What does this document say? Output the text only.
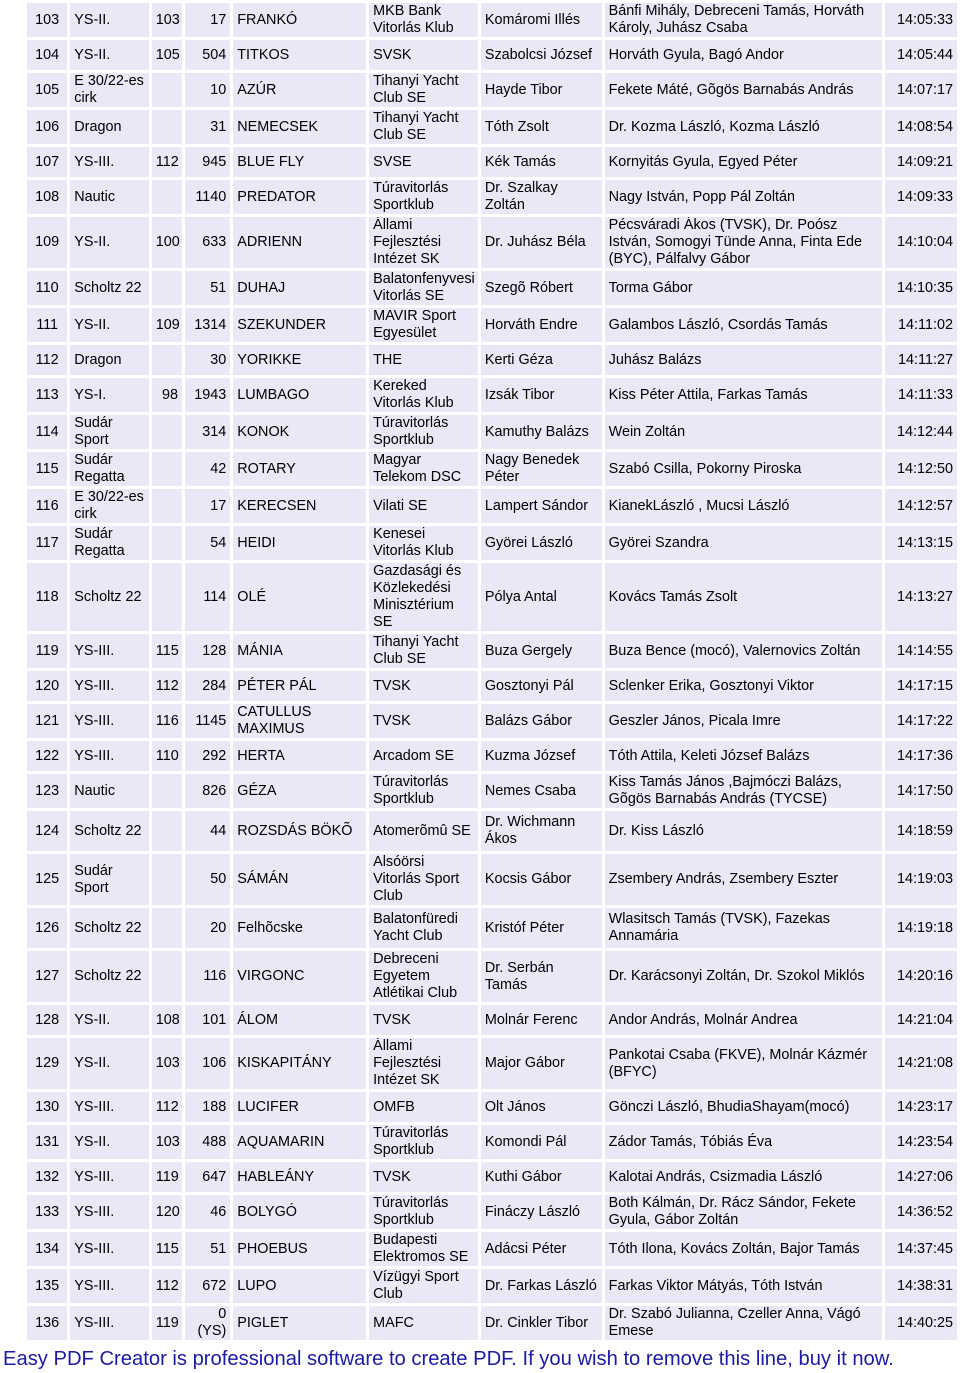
103	YS-II.	103	17	FRANKÓ	MKB Bank Vitorlás Klub	Komáromi Illés	Bánfi Mihály, Debreceni Tamás, Horváth Károly, Juhász Csaba	14:05:33
104	YS-II.	105	504	TITKOS	SVSK	Szabolcsi József	Horváth Gyula, Bagó Andor	14:05:44
105	E 30/22-es cirk		10	AZÚR	Tihanyi Yacht Club SE	Hayde Tibor	Fekete Máté, Gõgös Barnabás András	14:07:17
106	Dragon		31	NEMECSEK	Tihanyi Yacht Club SE	Tóth Zsolt	Dr. Kozma László, Kozma László	14:08:54
107	YS-III.	112	945	BLUE FLY	SVSE	Kék Tamás	Kornyitás Gyula, Egyed Péter	14:09:21
108	Nautic		1140	PREDATOR	Túravitorlás Sportklub	Dr. Szalkay Zoltán	Nagy István, Popp Pál Zoltán	14:09:33
109	YS-II.	100	633	ADRIENN	Állami Fejlesztési Intézet SK	Dr. Juhász Béla	Pécsváradi Ákos (TVSK), Dr. Poósz István, Somogyi Tünde Anna, Finta Ede (BYC), Pálfalvy Gábor	14:10:04
110	Scholtz 22		51	DUHAJ	Balatonfenyvesi Vitorlás SE	Szegõ Róbert	Torma Gábor	14:10:35
111	YS-II.	109	1314	SZEKUNDER	MAVIR Sport Egyesület	Horváth Endre	Galambos László, Csordás Tamás	14:11:02
112	Dragon		30	YORIKKE	THE	Kerti Géza	Juhász Balázs	14:11:27
113	YS-I.	98	1943	LUMBAGO	Kereked Vitorlás Klub	Izsák Tibor	Kiss Péter Attila, Farkas Tamás	14:11:33
114	Sudár Sport		314	KONOK	Túravitorlás Sportklub	Kamuthy Balázs	Wein Zoltán	14:12:44
115	Sudár Regatta		42	ROTARY	Magyar Telekom DSC	Nagy Benedek Péter	Szabó Csilla, Pokorny Piroska	14:12:50
116	E 30/22-es cirk		17	KERECSEN	Vilati SE	Lampert Sándor	KianekLászló , Mucsi László	14:12:57
117	Sudár Regatta		54	HEIDI	Kenesei Vitorlás Klub	Györei László	Györei Szandra	14:13:15
118	Scholtz 22		114	OLÉ	Gazdasági és Közlekedési Minisztérium SE	Pólya Antal	Kovács Tamás Zsolt	14:13:27
119	YS-III.	115	128	MÁNIA	Tihanyi Yacht Club SE	Buza Gergely	Buza Bence (mocó), Valernovics Zoltán	14:14:55
120	YS-III.	112	284	PÉTER PÁL	TVSK	Gosztonyi Pál	Sclenker Erika, Gosztonyi Viktor	14:17:15
121	YS-III.	116	1145	CATULLUS MAXIMUS	TVSK	Balázs Gábor	Geszler János, Picala Imre	14:17:22
122	YS-III.	110	292	HERTA	Arcadom SE	Kuzma József	Tóth Attila, Keleti József Balázs	14:17:36
123	Nautic		826	GÉZA	Túravitorlás Sportklub	Nemes Csaba	Kiss Tamás János ,Bajmóczi Balázs, Gõgös Barnabás András (TYCSE)	14:17:50
124	Scholtz 22		44	ROZSDÁS BÖKÕ	Atomerõmû SE	Dr. Wichmann Ákos	Dr. Kiss László	14:18:59
125	Sudár Sport		50	SÁMÁN	Alsóörsi Vitorlás Sport Club	Kocsis Gábor	Zsembery András, Zsembery Eszter	14:19:03
126	Scholtz 22		20	Felhõcske	Balatonfüredi Yacht Club	Kristóf Péter	Wlasitsch Tamás (TVSK), Fazekas Annamária	14:19:18
127	Scholtz 22		116	VIRGONC	Debreceni Egyetem Atlétikai Club	Dr. Serbán Tamás	Dr. Karácsonyi Zoltán, Dr. Szokol Miklós	14:20:16
128	YS-II.	108	101	ÁLOM	TVSK	Molnár Ferenc	Andor András, Molnár Andrea	14:21:04
129	YS-II.	103	106	KISKAPITÁNY	Állami Fejlesztési Intézet SK	Major Gábor	Pankotai Csaba (FKVE), Molnár Kázmér (BFYC)	14:21:08
130	YS-III.	112	188	LUCIFER	OMFB	Olt János	Gönczi László, BhudiaShayam(mocó)	14:23:17
131	YS-II.	103	488	AQUAMARIN	Túravitorlás Sportklub	Komondi Pál	Zádor Tamás, Tóbiás Éva	14:23:54
132	YS-III.	119	647	HABLEÁNY	TVSK	Kuthi Gábor	Kalotai András, Csizmadia László	14:27:06
133	YS-III.	120	46	BOLYGÓ	Túravitorlás Sportklub	Fináczy László	Both Kálmán, Dr. Rácz Sándor, Fekete Gyula, Gábor Zoltán	14:36:52
134	YS-III.	115	51	PHOEBUS	Budapesti Elektromos SE	Adácsi Péter	Tóth Ilona, Kovács Zoltán, Bajor Tamás	14:37:45
135	YS-III.	112	672	LUPO	Vízügyi Sport Club	Dr. Farkas László	Farkas Viktor Mátyás, Tóth István	14:38:31
136	YS-III.	119	0 (YS)	PIGLET	MAFC	Dr. Cinkler Tibor	Dr. Szabó Julianna, Czeller Anna, Vágó Emese	14:40:25
Easy PDF Creator is professional software to create PDF. If you wish to remove this line, buy it now.
